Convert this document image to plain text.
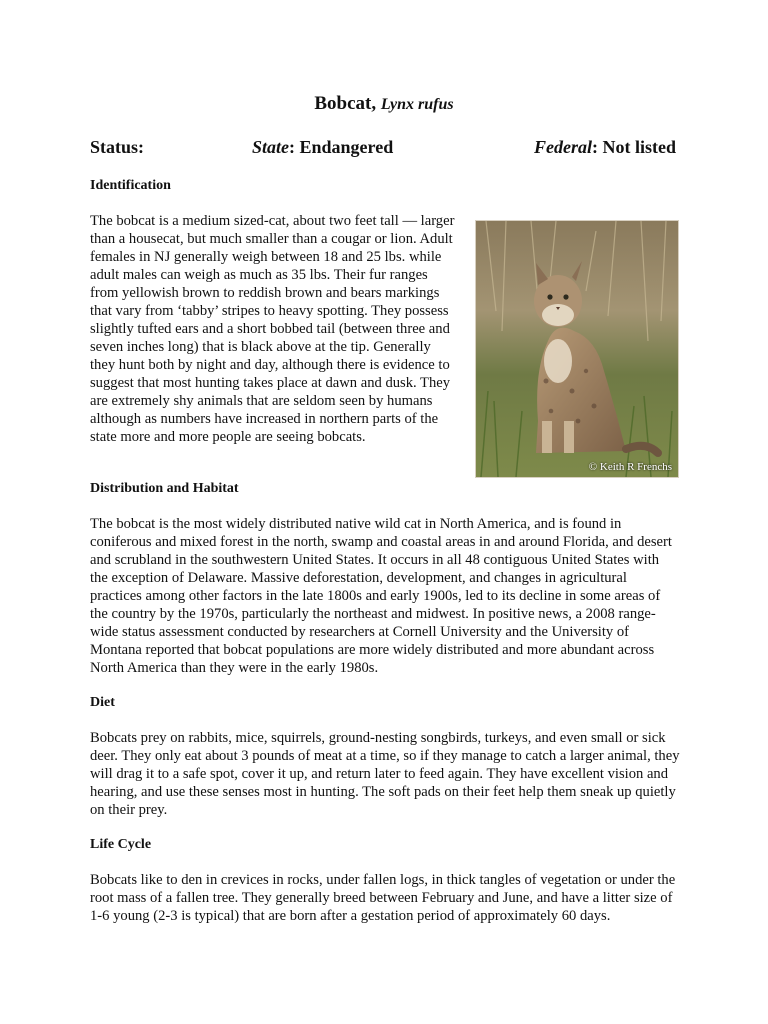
Bobcat, Lynx rufus
Status:	State: Endangered	Federal: Not listed
Identification

The bobcat is a medium sized-cat, about two feet tall — larger than a housecat, but much smaller than a cougar or lion. Adult females in NJ generally weigh between 18 and 25 lbs. while adult males can weigh as much as 35 lbs. Their fur ranges from yellowish brown to reddish brown and bears markings that vary from ‘tabby’ stripes to heavy spotting. They possess slightly tufted ears and a short bobbed tail (between three and seven inches long) that is black above at the tip. Generally they hunt both by night and day, although there is evidence to suggest that most hunting takes place at dawn and dusk. They are extremely shy animals that are seldom seen by humans although as numbers have increased in northern parts of the state more and more people are seeing bobcats.

© Keith R Frenchs
Distribution and Habitat

The bobcat is the most widely distributed native wild cat in North America, and is found in coniferous and mixed forest in the north, swamp and coastal areas in and around Florida, and desert and scrubland in the southwestern United States. It occurs in all 48 contiguous United States with the exception of Delaware. Massive deforestation, development, and changes in agricultural practices among other factors in the late 1800s and early 1900s, led to its decline in some areas of the country by the 1970s, particularly the northeast and midwest. In positive news, a 2008 range-wide status assessment conducted by researchers at Cornell University and the University of Montana reported that bobcat populations are more widely distributed and more abundant across North America than they were in the early 1980s.

Diet

Bobcats prey on rabbits, mice, squirrels, ground-nesting songbirds, turkeys, and even small or sick deer. They only eat about 3 pounds of meat at a time, so if they manage to catch a larger animal, they will drag it to a safe spot, cover it up, and return later to feed again. They have excellent vision and hearing, and use these senses most in hunting. The soft pads on their feet help them sneak up quietly on their prey.

Life Cycle

Bobcats like to den in crevices in rocks, under fallen logs, in thick tangles of vegetation or under the root mass of a fallen tree. They generally breed between February and June, and have a litter size of 1-6 young (2-3 is typical) that are born after a gestation period of approximately 60 days.
